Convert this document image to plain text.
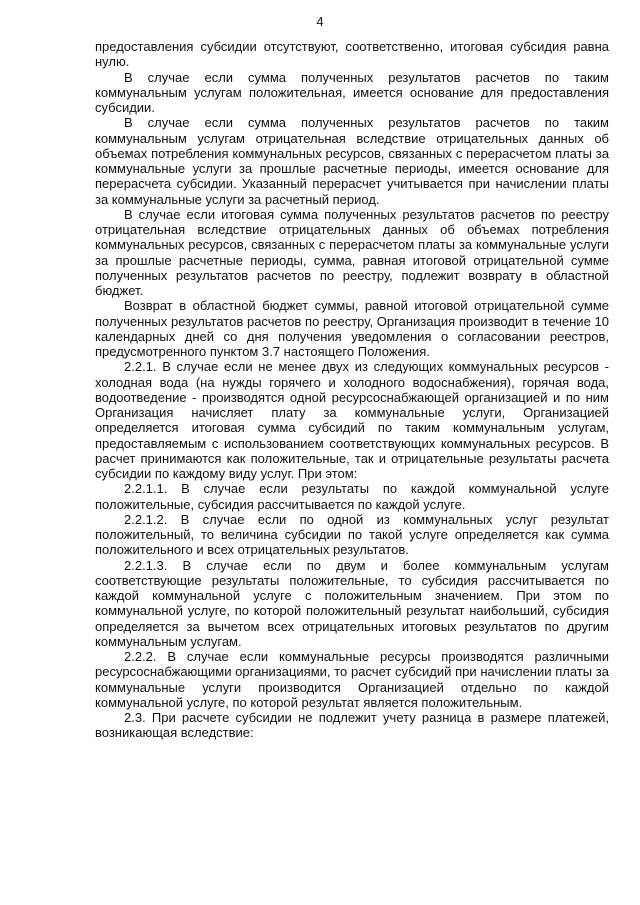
4

предоставления субсидии отсутствуют, соответственно, итоговая субсидия равна нулю.

В случае если сумма полученных результатов расчетов по таким коммунальным услугам положительная, имеется основание для предоставления субсидии.

В случае если сумма полученных результатов расчетов по таким коммунальным услугам отрицательная вследствие отрицательных данных об объемах потребления коммунальных ресурсов, связанных с перерасчетом платы за коммунальные услуги за прошлые расчетные периоды, имеется основание для перерасчета субсидии. Указанный перерасчет учитывается при начислении платы за коммунальные услуги за расчетный период.

В случае если итоговая сумма полученных результатов расчетов по реестру отрицательная вследствие отрицательных данных об объемах потребления коммунальных ресурсов, связанных с перерасчетом платы за коммунальные услуги за прошлые расчетные периоды, сумма, равная итоговой отрицательной сумме полученных результатов расчетов по реестру, подлежит возврату в областной бюджет.

Возврат в областной бюджет суммы, равной итоговой отрицательной сумме полученных результатов расчетов по реестру, Организация производит в течение 10 календарных дней со дня получения уведомления о согласовании реестров, предусмотренного пунктом 3.7 настоящего Положения.

2.2.1. В случае если не менее двух из следующих коммунальных ресурсов - холодная вода (на нужды горячего и холодного водоснабжения), горячая вода, водоотведение - производятся одной ресурсоснабжающей организацией и по ним Организация начисляет плату за коммунальные услуги, Организацией определяется итоговая сумма субсидий по таким коммунальным услугам, предоставляемым с использованием соответствующих коммунальных ресурсов. В расчет принимаются как положительные, так и отрицательные результаты расчета субсидии по каждому виду услуг. При этом:

2.2.1.1. В случае если результаты по каждой коммунальной услуге положительные, субсидия рассчитывается по каждой услуге.

2.2.1.2. В случае если по одной из коммунальных услуг результат положительный, то величина субсидии по такой услуге определяется как сумма положительного и всех отрицательных результатов.

2.2.1.3. В случае если по двум и более коммунальным услугам соответствующие результаты положительные, то субсидия рассчитывается по каждой коммунальной услуге с положительным значением. При этом по коммунальной услуге, по которой положительный результат наибольший, субсидия определяется за вычетом всех отрицательных итоговых результатов по другим коммунальным услугам.

2.2.2. В случае если коммунальные ресурсы производятся различными ресурсоснабжающими организациями, то расчет субсидий при начислении платы за коммунальные услуги производится Организацией отдельно по каждой коммунальной услуге, по которой результат является положительным.

2.3. При расчете субсидии не подлежит учету разница в размере платежей, возникающая вследствие:
